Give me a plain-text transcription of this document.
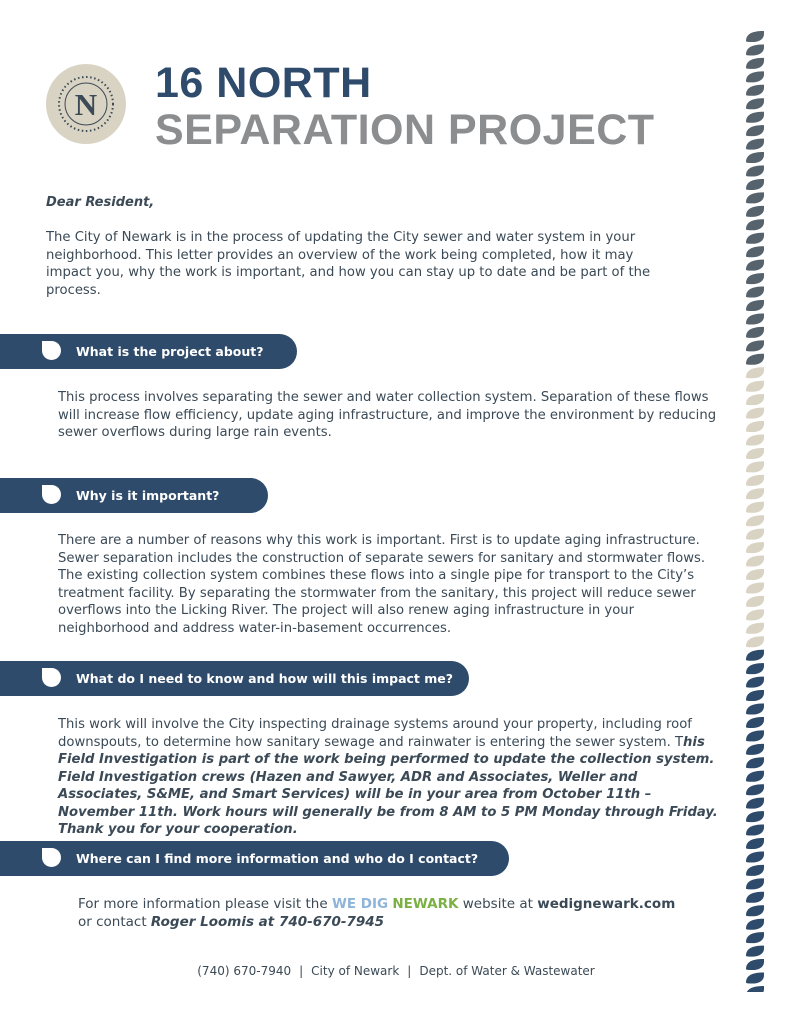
N 16 NORTH
SEPARATION PROJECT
Dear Resident,
The City of Newark is in the process of updating the City sewer and water system in your neighborhood. This letter provides an overview of the work being completed, how it may impact you, why the work is important, and how you can stay up to date and be part of the process.
What is the project about?
This process involves separating the sewer and water collection system. Separation of these flows will increase flow efficiency, update aging infrastructure, and improve the environment by reducing sewer overflows during large rain events.
Why is it important?
There are a number of reasons why this work is important. First is to update aging infrastructure. Sewer separation includes the construction of separate sewers for sanitary and stormwater flows. The existing collection system combines these flows into a single pipe for transport to the City’s treatment facility. By separating the stormwater from the sanitary, this project will reduce sewer overflows into the Licking River. The project will also renew aging infrastructure in your neighborhood and address water-in-basement occurrences.
What do I need to know and how will this impact me?
This work will involve the City inspecting drainage systems around your property, including roof downspouts, to determine how sanitary sewage and rainwater is entering the sewer system. This Field Investigation is part of the work being performed to update the collection system. Field Investigation crews (Hazen and Sawyer, ADR and Associates, Weller and Associates, S&ME, and Smart Services) will be in your area from October 11th – November 11th. Work hours will generally be from 8 AM to 5 PM Monday through Friday. Thank you for your cooperation.
Where can I find more information and who do I contact?
For more information please visit the WE DIG NEWARK website at wedignewark.com
or contact Roger Loomis at 740-670-7945
(740) 670-7940 | City of Newark | Dept. of Water & Wastewater
